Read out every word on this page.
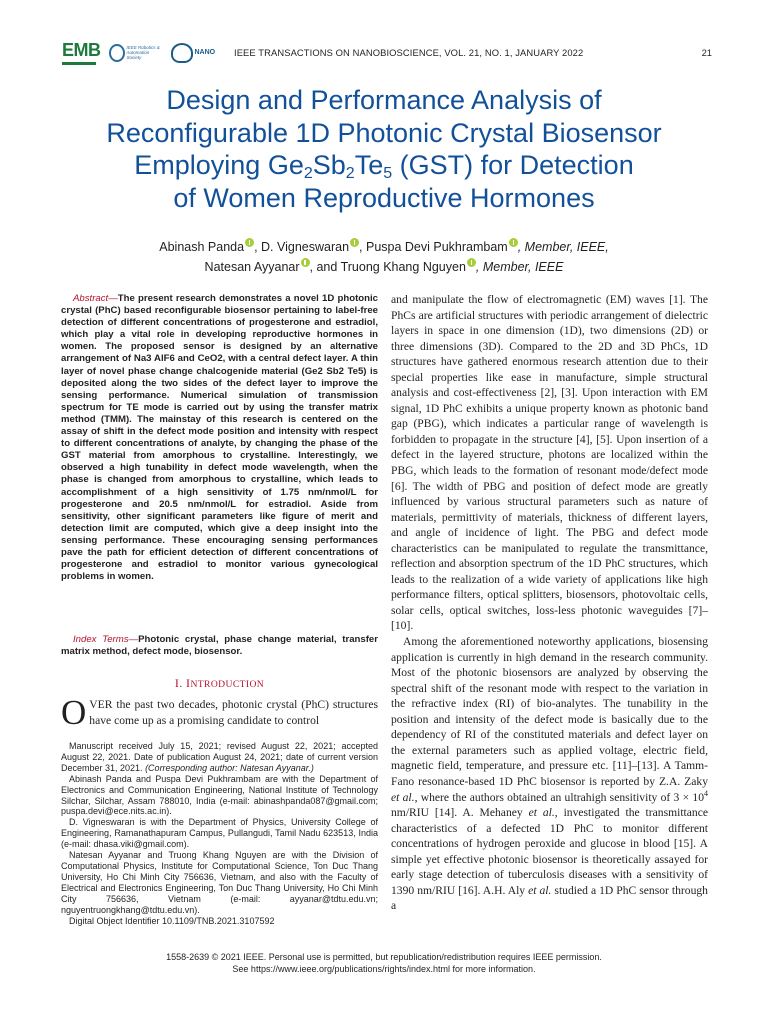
EMB	IEEE Robotics & Automation Society
NANO IEEE TRANSACTIONS ON NANOBIOSCIENCE, VOL. 21, NO. 1, JANUARY 2022	21
Design and Performance Analysis of
Reconfigurable 1D Photonic Crystal Biosensor
Employing $Ge_2Sb_2Te_5$ (GST) for Detection
of Women Reproductive Hormones
Abinash Panda , D. Vigneswaran , Puspa Devi Pukhrambam , Member, IEEE,
Natesan Ayyanar , and Truong Khang Nguyen , Member, IEEE
Abstract—The present research demonstrates a novel 1D photonic crystal (PhC) based reconfigurable biosensor pertaining to label-free detection of different concentrations of progesterone and estradiol, which play a vital role in developing reproductive hormones in women. The proposed sensor is designed by an alternative arrangement of Na3 AlF6 and CeO2, with a central defect layer. A thin layer of novel phase change chalcogenide material (Ge2 Sb2 Te5) is deposited along the two sides of the defect layer to improve the sensing performance. Numerical simulation of transmission spectrum for TE mode is carried out by using the transfer matrix method (TMM). The mainstay of this research is centered on the assay of shift in the defect mode position and intensity with respect to different concentrations of analyte, by changing the phase of the GST material from amorphous to crystalline. Interestingly, we observed a high tunability in defect mode wavelength, when the phase is changed from amorphous to crystalline, which leads to accomplishment of a high sensitivity of 1.75 nm/nmol/L for progesterone and 20.5 nm/nmol/L for estradiol. Aside from sensitivity, other significant parameters like figure of merit and detection limit are computed, which give a deep insight into the sensing performance. These encouraging sensing performances pave the path for efficient detection of different concentrations of progesterone and estradiol to monitor various gynecological problems in women.
Index Terms—Photonic crystal, phase change material, transfer matrix method, defect mode, biosensor.
I. INTRODUCTION
OVER the past two decades, photonic crystal (PhC) structures have come up as a promising candidate to control

Manuscript received July 15, 2021; revised August 22, 2021; accepted August 22, 2021. Date of publication August 24, 2021; date of current version December 31, 2021. (Corresponding author: Natesan Ayyanar.)

Abinash Panda and Puspa Devi Pukhrambam are with the Department of Electronics and Communication Engineering, National Institute of Technology Silchar, Silchar, Assam 788010, India (e-mail: abinashpanda087@gmail.com; puspa.devi@ece.nits.ac.in).

D. Vigneswaran is with the Department of Physics, University College of Engineering, Ramanathapuram Campus, Pullangudi, Tamil Nadu 623513, India (e-mail: dhasa.viki@gmail.com).

Natesan Ayyanar and Truong Khang Nguyen are with the Division of Computational Physics, Institute for Computational Science, Ton Duc Thang University, Ho Chi Minh City 756636, Vietnam, and also with the Faculty of Electrical and Electronics Engineering, Ton Duc Thang University, Ho Chi Minh City 756636, Vietnam (e-mail: ayyanar@tdtu.edu.vn; nguyentruongkhang@tdtu.edu.vn).

Digital Object Identifier 10.1109/TNB.2021.3107592

and manipulate the flow of electromagnetic (EM) waves [1]. The PhCs are artificial structures with periodic arrangement of dielectric layers in space in one dimension (1D), two dimensions (2D) or three dimensions (3D). Compared to the 2D and 3D PhCs, 1D structures have gathered enormous research attention due to their special properties like ease in manufacture, simple structural analysis and cost-effectiveness [2], [3]. Upon interaction with EM signal, 1D PhC exhibits a unique property known as photonic band gap (PBG), which indicates a particular range of wavelength is forbidden to propagate in the structure [4], [5]. Upon insertion of a defect in the layered structure, photons are localized within the PBG, which leads to the formation of resonant mode/defect mode [6]. The width of PBG and position of defect mode are greatly influenced by various structural parameters such as nature of materials, permittivity of materials, thickness of different layers, and angle of incidence of light. The PBG and defect mode characteristics can be manipulated to regulate the transmittance, reflection and absorption spectrum of the 1D PhC structures, which leads to the realization of a wide variety of applications like high performance filters, optical splitters, biosensors, photovoltaic cells, solar cells, optical switches, loss-less photonic waveguides [7]–[10].

Among the aforementioned noteworthy applications, biosensing application is currently in high demand in the research community. Most of the photonic biosensors are analyzed by observing the spectral shift of the resonant mode with respect to the variation in the refractive index (RI) of bio-analytes. The tunability in the position and intensity of the defect mode is basically due to the dependency of RI of the constituted materials and defect layer on the external parameters such as applied voltage, electric field, magnetic field, temperature, and pressure etc. [11]–[13]. A Tamm-Fano resonance-based 1D PhC biosensor is reported by Z.A. Zaky et al., where the authors obtained an ultrahigh sensitivity of $3 \times 10^4$ nm/RIU [14]. A. Mehaney et al., investigated the transmittance characteristics of a defected 1D PhC to monitor different concentrations of hydrogen peroxide and glucose in blood [15]. A simple yet effective photonic biosensor is theoretically assayed for early stage detection of tuberculosis diseases with a sensitivity of 1390 nm/RIU [16]. A.H. Aly et al. studied a 1D PhC sensor through a

1558-2639 © 2021 IEEE. Personal use is permitted, but republication/redistribution requires IEEE permission.
See https://www.ieee.org/publications/rights/index.html for more information.
